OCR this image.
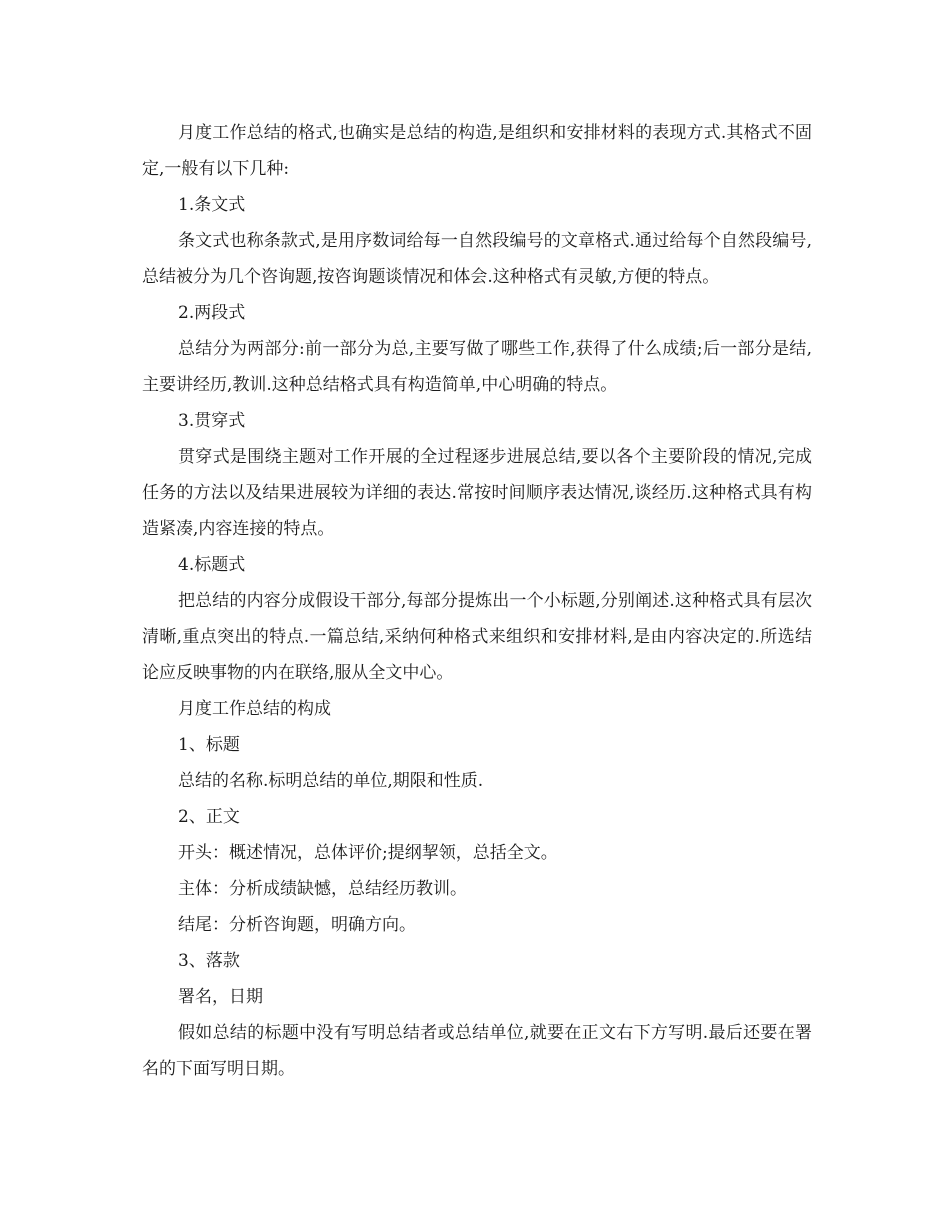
月度工作总结的格式,也确实是总结的构造,是组织和安排材料的表现方式.其格式不固定,一般有以下几种:

1.条文式

条文式也称条款式,是用序数词给每一自然段编号的文章格式.通过给每个自然段编号,总结被分为几个咨询题,按咨询题谈情况和体会.这种格式有灵敏,方便的特点。

2.两段式

总结分为两部分:前一部分为总,主要写做了哪些工作,获得了什么成绩;后一部分是结,主要讲经历,教训.这种总结格式具有构造简单,中心明确的特点。

3.贯穿式

贯穿式是围绕主题对工作开展的全过程逐步进展总结,要以各个主要阶段的情况,完成任务的方法以及结果进展较为详细的表达.常按时间顺序表达情况,谈经历.这种格式具有构造紧凑,内容连接的特点。

4.标题式

把总结的内容分成假设干部分,每部分提炼出一个小标题,分别阐述.这种格式具有层次清晰,重点突出的特点.一篇总结,采纳何种格式来组织和安排材料,是由内容决定的.所选结论应反映事物的内在联络,服从全文中心。

月度工作总结的构成

1、标题

总结的名称.标明总结的单位,期限和性质.

2、正文

开头：概述情况，总体评价;提纲挈领，总括全文。

主体：分析成绩缺憾，总结经历教训。

结尾：分析咨询题，明确方向。

3、落款

署名，日期

假如总结的标题中没有写明总结者或总结单位,就要在正文右下方写明.最后还要在署名的下面写明日期。
